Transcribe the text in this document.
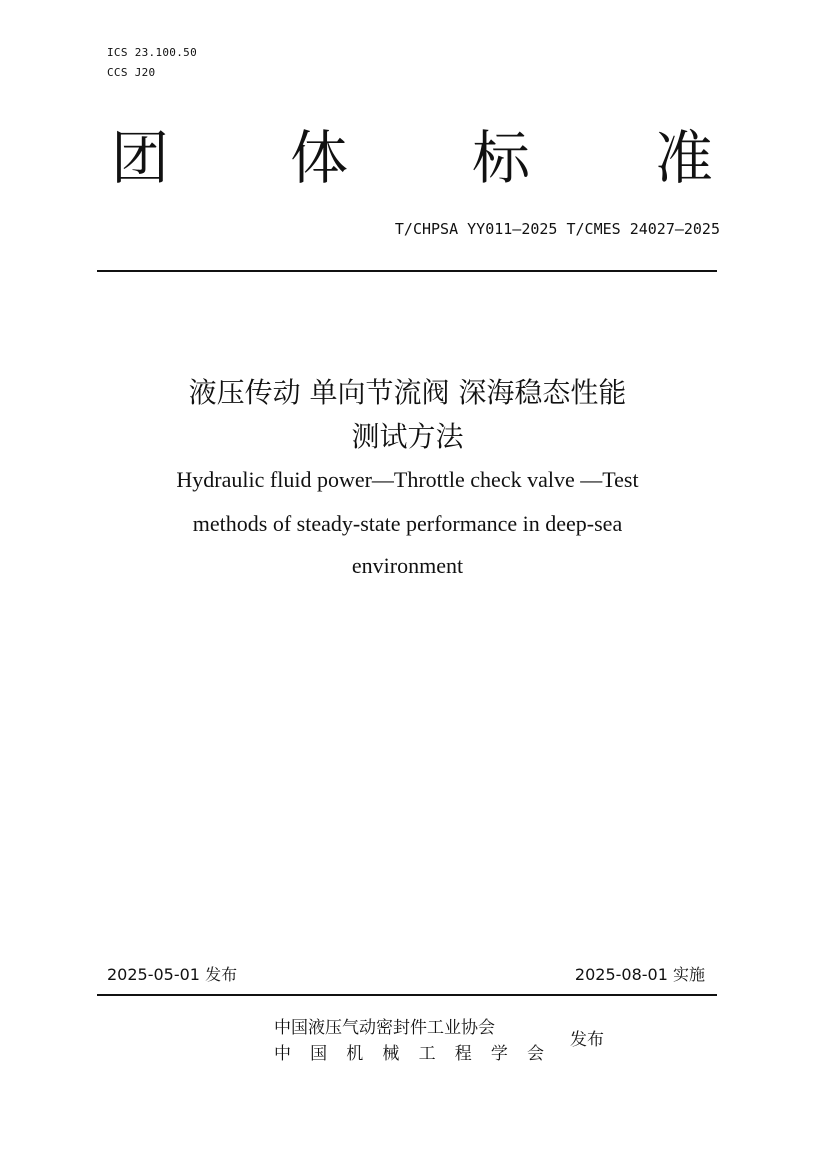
ICS 23.100.50
CCS J20
团 体 标 准
T/CHPSA YY011—2025 T/CMES 24027—2025
液压传动 单向节流阀 深海稳态性能
测试方法
Hydraulic fluid power—Throttle check valve —Test
methods of steady-state performance in deep-sea
environment
2025-05-01 发布	2025-08-01 实施
中国液压气动密封件工业协会
中 国 机 械 工 程 学 会
发布
